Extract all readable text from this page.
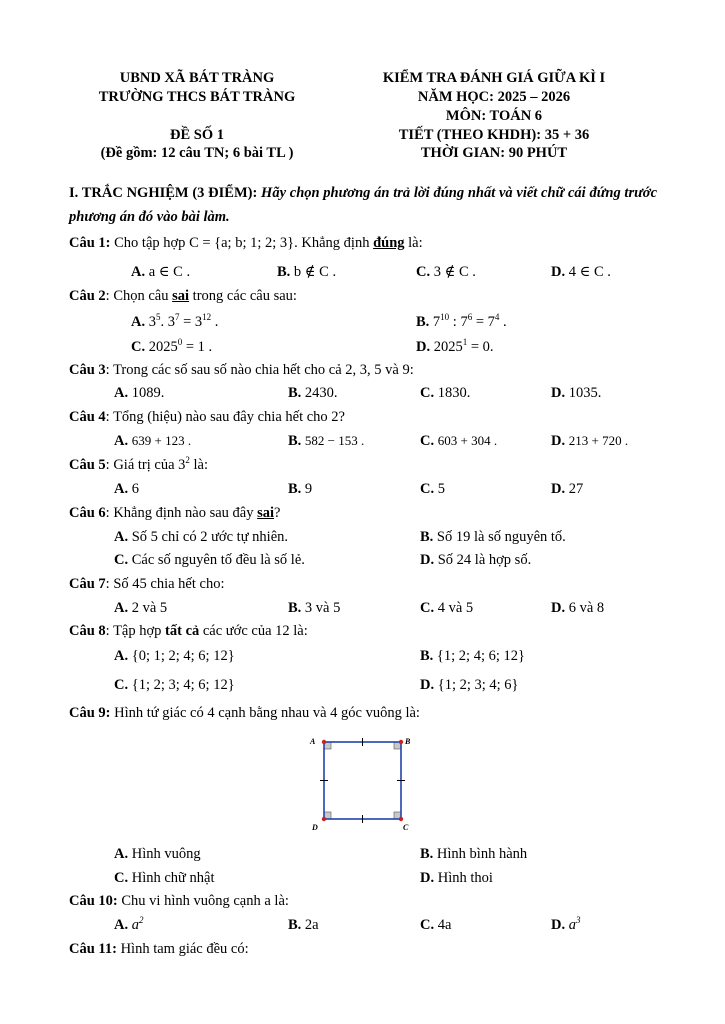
UBND XÃ BÁT TRÀNG
TRƯỜNG THCS BÁT TRÀNG
ĐỀ SỐ 1
(Đề gồm: 12 câu TN; 6 bài TL )
KIỂM TRA ĐÁNH GIÁ GIỮA KÌ I
NĂM HỌC: 2025 – 2026
MÔN: TOÁN 6
TIẾT (THEO KHDH): 35 + 36
THỜI GIAN: 90 PHÚT
I. TRẮC NGHIỆM (3 ĐIỂM): Hãy chọn phương án trả lời đúng nhất và viết chữ cái đứng trước phương án đó vào bài làm.
Câu 1: Cho tập hợp C = {a; b; 1; 2; 3}. Khẳng định đúng là:
A. a ∈ C .	B. b ∉ C .	C. 3 ∉ C .	D. 4 ∈ C .
Câu 2: Chọn câu sai trong các câu sau:
A. $3^5$. $3^7 = 3^{12}$ .	B. $7^{10}$ : $7^6 = 7^4$ .
C. $2025^0 = 1$ .	D. $2025^1 = 0$.
Câu 3: Trong các số sau số nào chia hết cho cả 2, 3, 5 và 9:
A. 1089.	B. 2430.	C. 1830.	D. 1035.
Câu 4: Tổng (hiệu) nào sau đây chia hết cho 2?
A. 639 + 123 .	B. 582 − 153 .	C. 603 + 304 .	D. 213 + 720 .
Câu 5: Giá trị của $3^2$ là:
A. 6	B. 9	C. 5	D. 27
Câu 6: Khẳng định nào sau đây sai?
A. Số 5 chỉ có 2 ước tự nhiên.	B. Số 19 là số nguyên tố.
C. Các số nguyên tố đều là số lẻ.	D. Số 24 là hợp số.
Câu 7: Số 45 chia hết cho:
A. 2 và 5	B. 3 và 5	C. 4 và 5	D. 6 và 8
Câu 8: Tập hợp tất cả các ước của 12 là:
A. {0; 1; 2; 4; 6; 12}	B. {1; 2; 4; 6; 12}
C. {1; 2; 3; 4; 6; 12}	D. {1; 2; 3; 4; 6}
Câu 9: Hình tứ giác có 4 cạnh bằng nhau và 4 góc vuông là:
A	B
C
D
A. Hình vuông	B. Hình bình hành
C. Hình chữ nhật	D. Hình thoi
Câu 10: Chu vi hình vuông cạnh a là:
A. $a^2$	B. 2a	C. 4a	D. $a^3$
Câu 11: Hình tam giác đều có:
